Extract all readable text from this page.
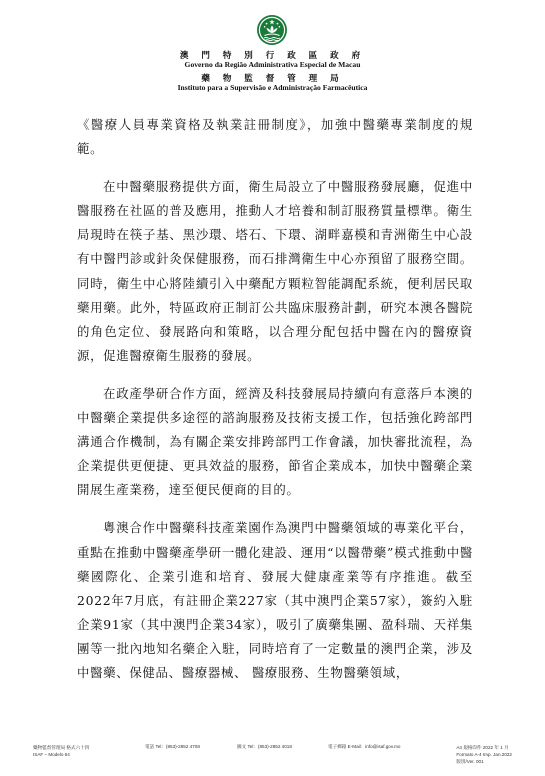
澳 門 特 別 行 政 區 政 府
Governo da Região Administrativa Especial de Macau
藥 物 監 督 管 理 局
Instituto para a Supervisão e Administração Farmacêutica

《醫療人員專業資格及執業註冊制度》，加強中醫藥專業制度的規範。

在中醫藥服務提供方面，衛生局設立了中醫服務發展廳，促進中醫服務在社區的普及應用，推動人才培養和制訂服務質量標準。衛生局現時在筷子基、黑沙環、塔石、下環、湖畔嘉模和青洲衛生中心設有中醫門診或針灸保健服務，而石排灣衛生中心亦預留了服務空間。同時，衛生中心將陸續引入中藥配方顆粒智能調配系統，便利居民取藥用藥。此外，特區政府正制訂公共臨床服務計劃，研究本澳各醫院的角色定位、發展路向和策略，以合理分配包括中醫在內的醫療資源，促進醫療衛生服務的發展。

在政產學研合作方面，經濟及科技發展局持續向有意落戶本澳的中醫藥企業提供多途徑的諮詢服務及技術支援工作，包括強化跨部門溝通合作機制，為有關企業安排跨部門工作會議，加快審批流程，為企業提供更便捷、更具效益的服務，節省企業成本，加快中醫藥企業開展生產業務，達至便民便商的目的。

粵澳合作中醫藥科技產業園作為澳門中醫藥領域的專業化平台，重點在推動中醫藥產學研一體化建設、運用“以醫帶藥”模式推動中醫藥國際化、企業引進和培育、發展大健康產業等有序推進。截至2022年7月底，有註冊企業227家（其中澳門企業57家），簽約入駐企業91家（其中澳門企業34家），吸引了廣藥集團、盈科瑞、天祥集團等一批內地知名藥企入駐，同時培育了一定數量的澳門企業，涉及中醫藥、保健品、醫療器械、 醫療服務、生物醫藥領域，

藥物監督管理局 格式六十四
ISAF – Modelo 64
電話 Tel：(853)-2852 4708	圖文 Tel：(853)-2852 4018	電子郵箱 E-Mail：info@isaf.gov.mo	A4 規格印件 2022 年 1 月
Formato A-4 Imp. Jan.2022
版別/Ver. 001
